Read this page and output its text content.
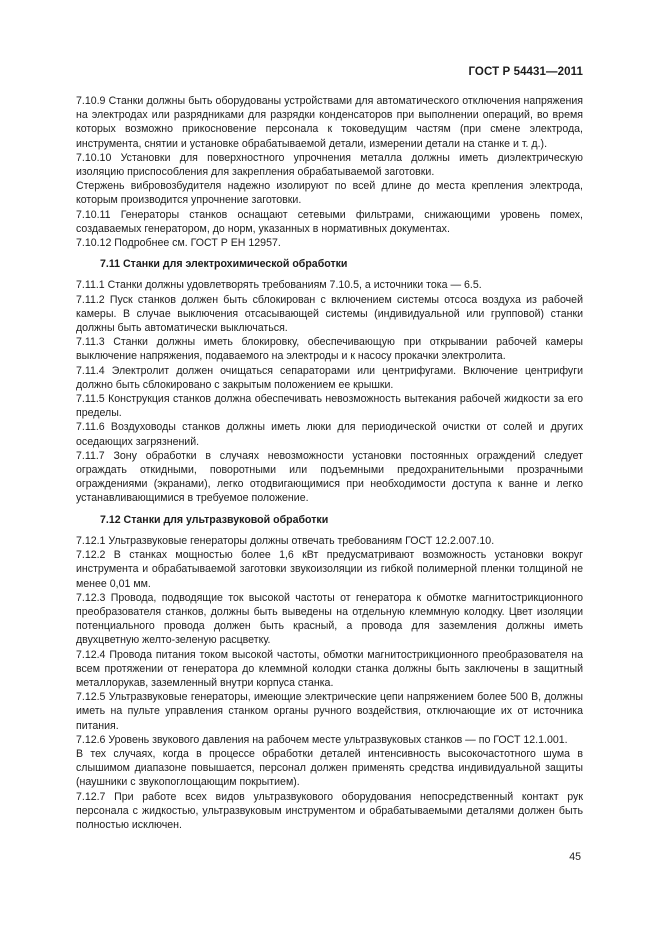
ГОСТ Р 54431—2011

7.10.9 Станки должны быть оборудованы устройствами для автоматического отключения напряжения на электродах или разрядниками для разрядки конденсаторов при выполнении операций, во время которых возможно прикосновение персонала к токоведущим частям (при смене электрода, инструмента, снятии и установке обрабатываемой детали, измерении детали на станке и т. д.).

7.10.10 Установки для поверхностного упрочнения металла должны иметь диэлектрическую изоляцию приспособления для закрепления обрабатываемой заготовки.

Стержень вибровозбудителя надежно изолируют по всей длине до места крепления электрода, которым производится упрочнение заготовки.

7.10.11 Генераторы станков оснащают сетевыми фильтрами, снижающими уровень помех, создаваемых генератором, до норм, указанных в нормативных документах.

7.10.12 Подробнее см. ГОСТ Р ЕН 12957.

7.11 Станки для электрохимической обработки

7.11.1 Станки должны удовлетворять требованиям 7.10.5, а источники тока — 6.5.

7.11.2 Пуск станков должен быть сблокирован с включением системы отсоса воздуха из рабочей камеры. В случае выключения отсасывающей системы (индивидуальной или групповой) станки должны быть автоматически выключаться.

7.11.3 Станки должны иметь блокировку, обеспечивающую при открывании рабочей камеры выключение напряжения, подаваемого на электроды и к насосу прокачки электролита.

7.11.4 Электролит должен очищаться сепараторами или центрифугами. Включение центрифуги должно быть сблокировано с закрытым положением ее крышки.

7.11.5 Конструкция станков должна обеспечивать невозможность вытекания рабочей жидкости за его пределы.

7.11.6 Воздуховоды станков должны иметь люки для периодической очистки от солей и других оседающих загрязнений.

7.11.7 Зону обработки в случаях невозможности установки постоянных ограждений следует ограждать откидными, поворотными или подъемными предохранительными прозрачными ограждениями (экранами), легко отодвигающимися при необходимости доступа к ванне и легко устанавливающимися в требуемое положение.

7.12 Станки для ультразвуковой обработки

7.12.1 Ультразвуковые генераторы должны отвечать требованиям ГОСТ 12.2.007.10.

7.12.2 В станках мощностью более 1,6 кВт предусматривают возможность установки вокруг инструмента и обрабатываемой заготовки звукоизоляции из гибкой полимерной пленки толщиной не менее 0,01 мм.

7.12.3 Провода, подводящие ток высокой частоты от генератора к обмотке магнитострикционного преобразователя станков, должны быть выведены на отдельную клеммную колодку. Цвет изоляции потенциального провода должен быть красный, а провода для заземления должны иметь двухцветную желто-зеленую расцветку.

7.12.4 Провода питания током высокой частоты, обмотки магнитострикционного преобразователя на всем протяжении от генератора до клеммной колодки станка должны быть заключены в защитный металлорукав, заземленный внутри корпуса станка.

7.12.5 Ультразвуковые генераторы, имеющие электрические цепи напряжением более 500 В, должны иметь на пульте управления станком органы ручного воздействия, отключающие их от источника питания.

7.12.6 Уровень звукового давления на рабочем месте ультразвуковых станков — по ГОСТ 12.1.001.

В тех случаях, когда в процессе обработки деталей интенсивность высокочастотного шума в слышимом диапазоне повышается, персонал должен применять средства индивидуальной защиты (наушники с звукопоглощающим покрытием).

7.12.7 При работе всех видов ультразвукового оборудования непосредственный контакт рук персонала с жидкостью, ультразвуковым инструментом и обрабатываемыми деталями должен быть полностью исключен.

45
